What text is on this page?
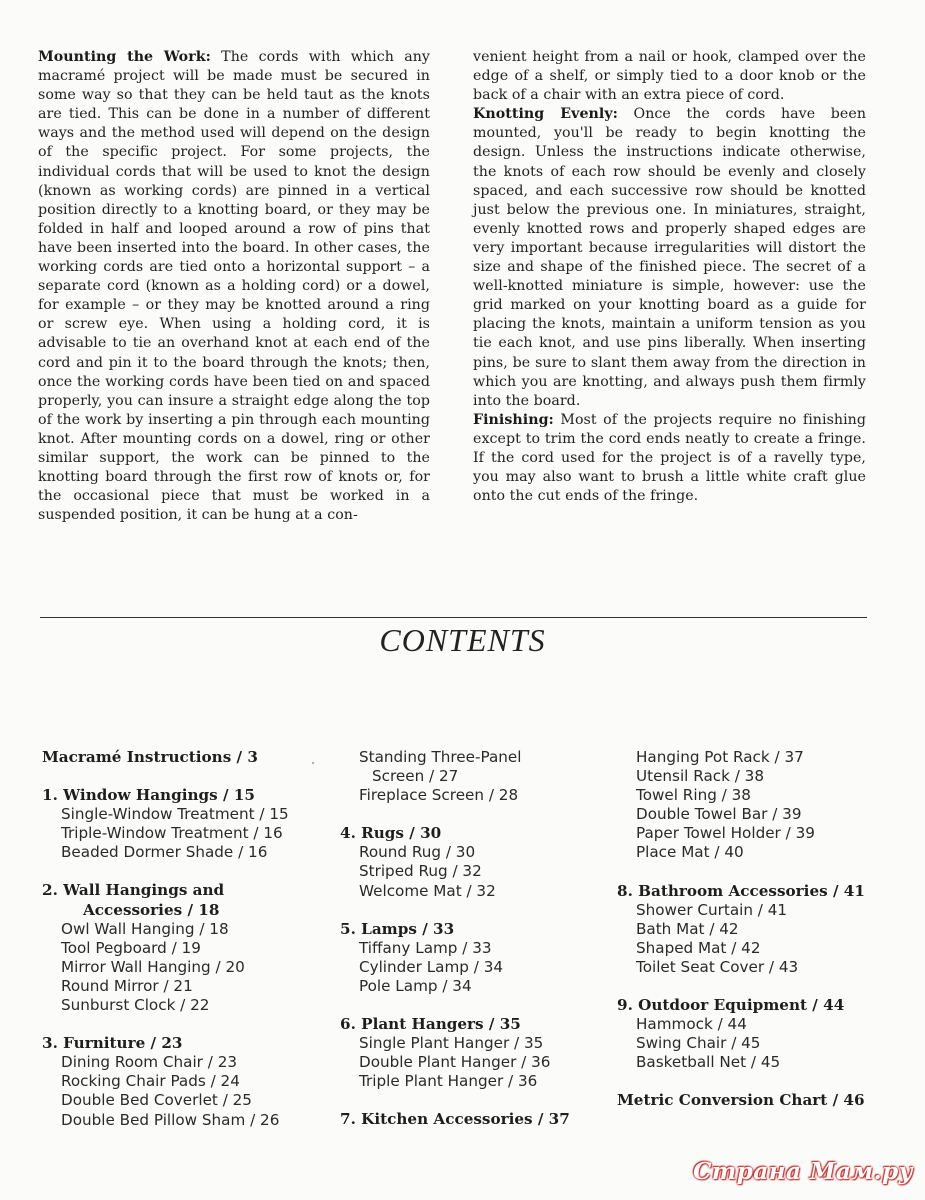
Mounting the Work: The cords with which any macramé project will be made must be secured in some way so that they can be held taut as the knots are tied. This can be done in a number of different ways and the method used will depend on the design of the specific project. For some projects, the individual cords that will be used to knot the design (known as working cords) are pinned in a vertical position directly to a knotting board, or they may be folded in half and looped around a row of pins that have been inserted into the board. In other cases, the working cords are tied onto a horizontal support – a separate cord (known as a holding cord) or a dowel, for example – or they may be knotted around a ring or screw eye. When using a holding cord, it is advisable to tie an overhand knot at each end of the cord and pin it to the board through the knots; then, once the working cords have been tied on and spaced properly, you can insure a straight edge along the top of the work by inserting a pin through each mounting knot. After mounting cords on a dowel, ring or other similar support, the work can be pinned to the knotting board through the first row of knots or, for the occasional piece that must be worked in a suspended position, it can be hung at a con-

venient height from a nail or hook, clamped over the edge of a shelf, or simply tied to a door knob or the back of a chair with an extra piece of cord.

Knotting Evenly: Once the cords have been mounted, you'll be ready to begin knotting the design. Unless the instructions indicate otherwise, the knots of each row should be evenly and closely spaced, and each successive row should be knotted just below the previous one. In miniatures, straight, evenly knotted rows and properly shaped edges are very important because irregularities will distort the size and shape of the finished piece. The secret of a well-knotted miniature is simple, however: use the grid marked on your knotting board as a guide for placing the knots, maintain a uniform tension as you tie each knot, and use pins liberally. When inserting pins, be sure to slant them away from the direction in which you are knotting, and always push them firmly into the board.

Finishing: Most of the projects require no finishing except to trim the cord ends neatly to create a fringe. If the cord used for the project is of a ravelly type, you may also want to brush a little white craft glue onto the cut ends of the fringe.

CONTENTS
Macramé Instructions / 3
1. Window Hangings / 15
Single-Window Treatment / 15
Triple-Window Treatment / 16
Beaded Dormer Shade / 16
2. Wall Hangings and
Accessories / 18
Owl Wall Hanging / 18
Tool Pegboard / 19
Mirror Wall Hanging / 20
Round Mirror / 21
Sunburst Clock / 22
3. Furniture / 23
Dining Room Chair / 23
Rocking Chair Pads / 24
Double Bed Coverlet / 25
Double Bed Pillow Sham / 26
Standing Three-Panel
Screen / 27
Fireplace Screen / 28
4. Rugs / 30
Round Rug / 30
Striped Rug / 32
Welcome Mat / 32
5. Lamps / 33
Tiffany Lamp / 33
Cylinder Lamp / 34
Pole Lamp / 34
6. Plant Hangers / 35
Single Plant Hanger / 35
Double Plant Hanger / 36
Triple Plant Hanger / 36
7. Kitchen Accessories / 37
Hanging Pot Rack / 37
Utensil Rack / 38
Towel Ring / 38
Double Towel Bar / 39
Paper Towel Holder / 39
Place Mat / 40
8. Bathroom Accessories / 41
Shower Curtain / 41
Bath Mat / 42
Shaped Mat / 42
Toilet Seat Cover / 43
9. Outdoor Equipment / 44
Hammock / 44
Swing Chair / 45
Basketball Net / 45
Metric Conversion Chart / 46
Страна Мам.ру
